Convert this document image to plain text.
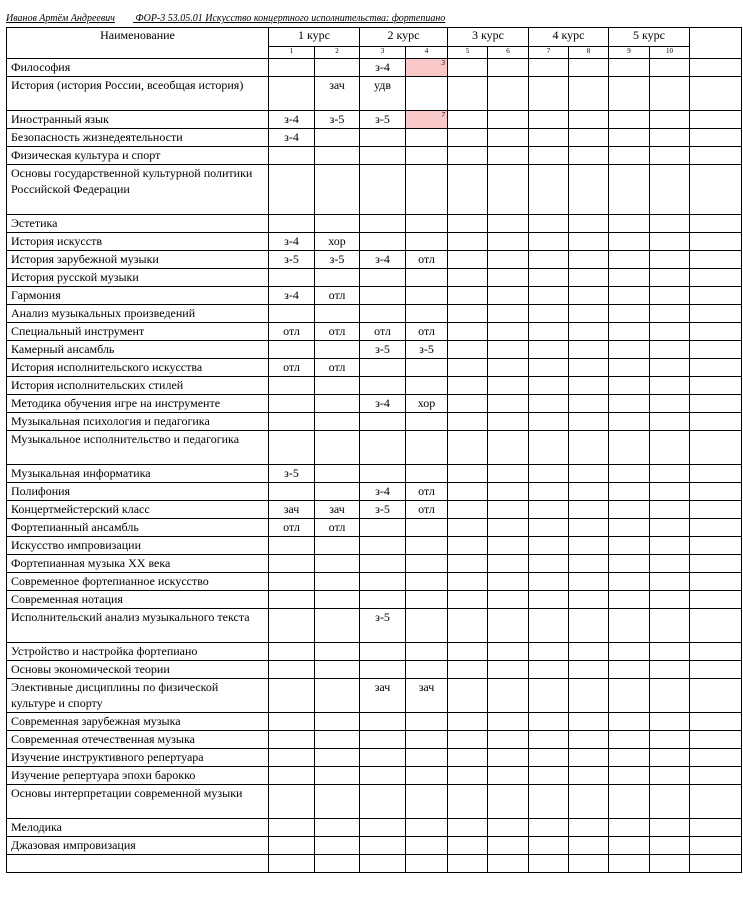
Иванов Артём Андреевич ФОР-3 53.05.01 Искусство концертного исполнительства: фортепиано
Наименование	1 курс		2 курс		3 курс		4 курс		5 курс		
	1	2	3	4	5	6	7	8	9	10	
Философия			з-4	3							

История (история России, всеобщая история)		зач	удв								
Иностранный язык	з-4	з-5	з-5	7							

Безопасность жизнедеятельности	з-4										
Физическая культура и спорт											
Основы государственной культурной политики Российской Федерации											
Эстетика											
История искусств	з-4	хор									
История зарубежной музыки	з-5	з-5	з-4	отл							
История русской музыки											
Гармония	з-4	отл									
Анализ музыкальных произведений											
Специальный инструмент	отл	отл	отл	отл							
Камерный ансамбль			з-5	з-5							
История исполнительского искусства	отл	отл									
История исполнительских стилей											
Методика обучения игре на инструменте			з-4	хор							
Музыкальная психология и педагогика											
Музыкальное исполнительство и педагогика											
Музыкальная информатика	з-5										
Полифония			з-4	отл							
Концертмейстерский класс	зач	зач	з-5	отл							
Фортепианный ансамбль	отл	отл									
Искусство импровизации											
Фортепианная музыка XX века											
Современное фортепианное искусство											
Современная нотация											
Исполнительский анализ музыкального текста			з-5								
Устройство и настройка фортепиано											
Основы экономической теории											
Элективные дисциплины по физической культуре и спорту			зач	зач							
Современная зарубежная музыка											
Современная отечественная музыка											
Изучение инструктивного репертуара											
Изучение репертуара эпохи барокко											
Основы интерпретации современной музыки											
Мелодика											
Джазовая импровизация											
